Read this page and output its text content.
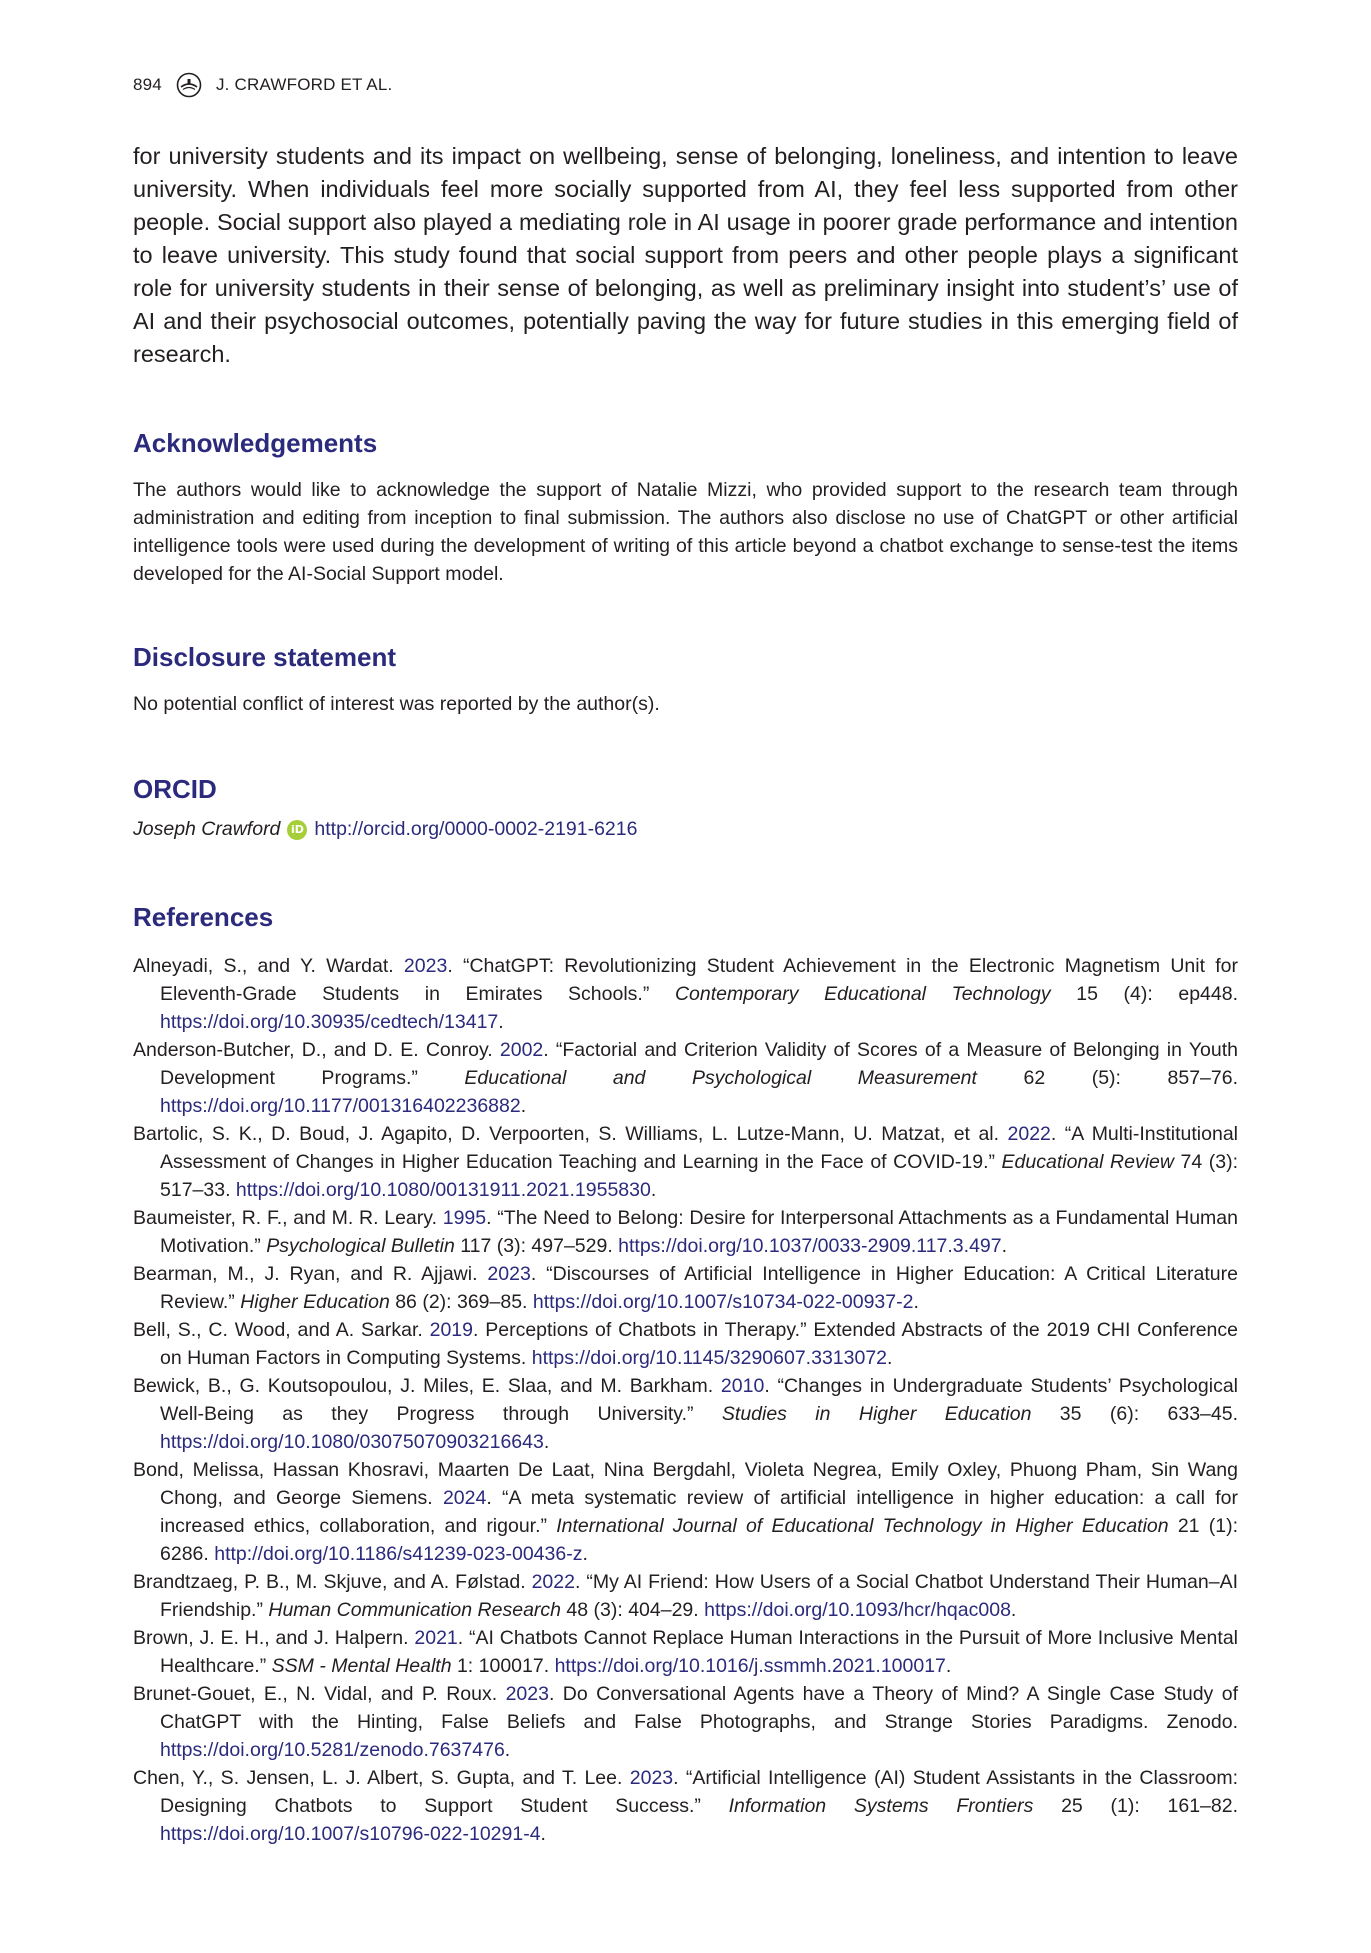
894	J. CRAWFORD ET AL.

for university students and its impact on wellbeing, sense of belonging, loneliness, and intention to leave university. When individuals feel more socially supported from AI, they feel less supported from other people. Social support also played a mediating role in AI usage in poorer grade performance and intention to leave university. This study found that social support from peers and other people plays a significant role for university students in their sense of belonging, as well as preliminary insight into student’s’ use of AI and their psychosocial outcomes, potentially paving the way for future studies in this emerging field of research.

Acknowledgements

The authors would like to acknowledge the support of Natalie Mizzi, who provided support to the research team through administration and editing from inception to final submission. The authors also disclose no use of ChatGPT or other artificial intelligence tools were used during the development of writing of this article beyond a chatbot exchange to sense-test the items developed for the AI-Social Support model.

Disclosure statement

No potential conflict of interest was reported by the author(s).

ORCID
Joseph Crawford iD http://orcid.org/0000-0002-2191-6216
References
Alneyadi, S., and Y. Wardat. 2023. “ChatGPT: Revolutionizing Student Achievement in the Electronic Magnetism Unit for Eleventh-Grade Students in Emirates Schools.” Contemporary Educational Technology 15 (4): ep448. https://doi.org/10.30935/cedtech/13417.
Anderson-Butcher, D., and D. E. Conroy. 2002. “Factorial and Criterion Validity of Scores of a Measure of Belonging in Youth Development Programs.” Educational and Psychological Measurement 62 (5): 857–76. https://doi.org/10.1177/001316402236882.
Bartolic, S. K., D. Boud, J. Agapito, D. Verpoorten, S. Williams, L. Lutze-Mann, U. Matzat, et al. 2022. “A Multi-Institutional Assessment of Changes in Higher Education Teaching and Learning in the Face of COVID-19.” Educational Review 74 (3): 517–33. https://doi.org/10.1080/00131911.2021.1955830.
Baumeister, R. F., and M. R. Leary. 1995. “The Need to Belong: Desire for Interpersonal Attachments as a Fundamental Human Motivation.” Psychological Bulletin 117 (3): 497–529. https://doi.org/10.1037/0033-2909.117.3.497.
Bearman, M., J. Ryan, and R. Ajjawi. 2023. “Discourses of Artificial Intelligence in Higher Education: A Critical Literature Review.” Higher Education 86 (2): 369–85. https://doi.org/10.1007/s10734-022-00937-2.
Bell, S., C. Wood, and A. Sarkar. 2019. Perceptions of Chatbots in Therapy.” Extended Abstracts of the 2019 CHI Conference on Human Factors in Computing Systems. https://doi.org/10.1145/3290607.3313072.
Bewick, B., G. Koutsopoulou, J. Miles, E. Slaa, and M. Barkham. 2010. “Changes in Undergraduate Students’ Psychological Well-Being as they Progress through University.” Studies in Higher Education 35 (6): 633–45. https://doi.org/10.1080/03075070903216643.
Bond, Melissa, Hassan Khosravi, Maarten De Laat, Nina Bergdahl, Violeta Negrea, Emily Oxley, Phuong Pham, Sin Wang Chong, and George Siemens. 2024. “A meta systematic review of artificial intelligence in higher education: a call for increased ethics, collaboration, and rigour.” International Journal of Educational Technology in Higher Education 21 (1): 6286. http://doi.org/10.1186/s41239-023-00436-z.
Brandtzaeg, P. B., M. Skjuve, and A. Følstad. 2022. “My AI Friend: How Users of a Social Chatbot Understand Their Human–AI Friendship.” Human Communication Research 48 (3): 404–29. https://doi.org/10.1093/hcr/hqac008.
Brown, J. E. H., and J. Halpern. 2021. “AI Chatbots Cannot Replace Human Interactions in the Pursuit of More Inclusive Mental Healthcare.” SSM - Mental Health 1: 100017. https://doi.org/10.1016/j.ssmmh.2021.100017.
Brunet-Gouet, E., N. Vidal, and P. Roux. 2023. Do Conversational Agents have a Theory of Mind? A Single Case Study of ChatGPT with the Hinting, False Beliefs and False Photographs, and Strange Stories Paradigms. Zenodo. https://doi.org/10.5281/zenodo.7637476.
Chen, Y., S. Jensen, L. J. Albert, S. Gupta, and T. Lee. 2023. “Artificial Intelligence (AI) Student Assistants in the Classroom: Designing Chatbots to Support Student Success.” Information Systems Frontiers 25 (1): 161–82. https://doi.org/10.1007/s10796-022-10291-4.
